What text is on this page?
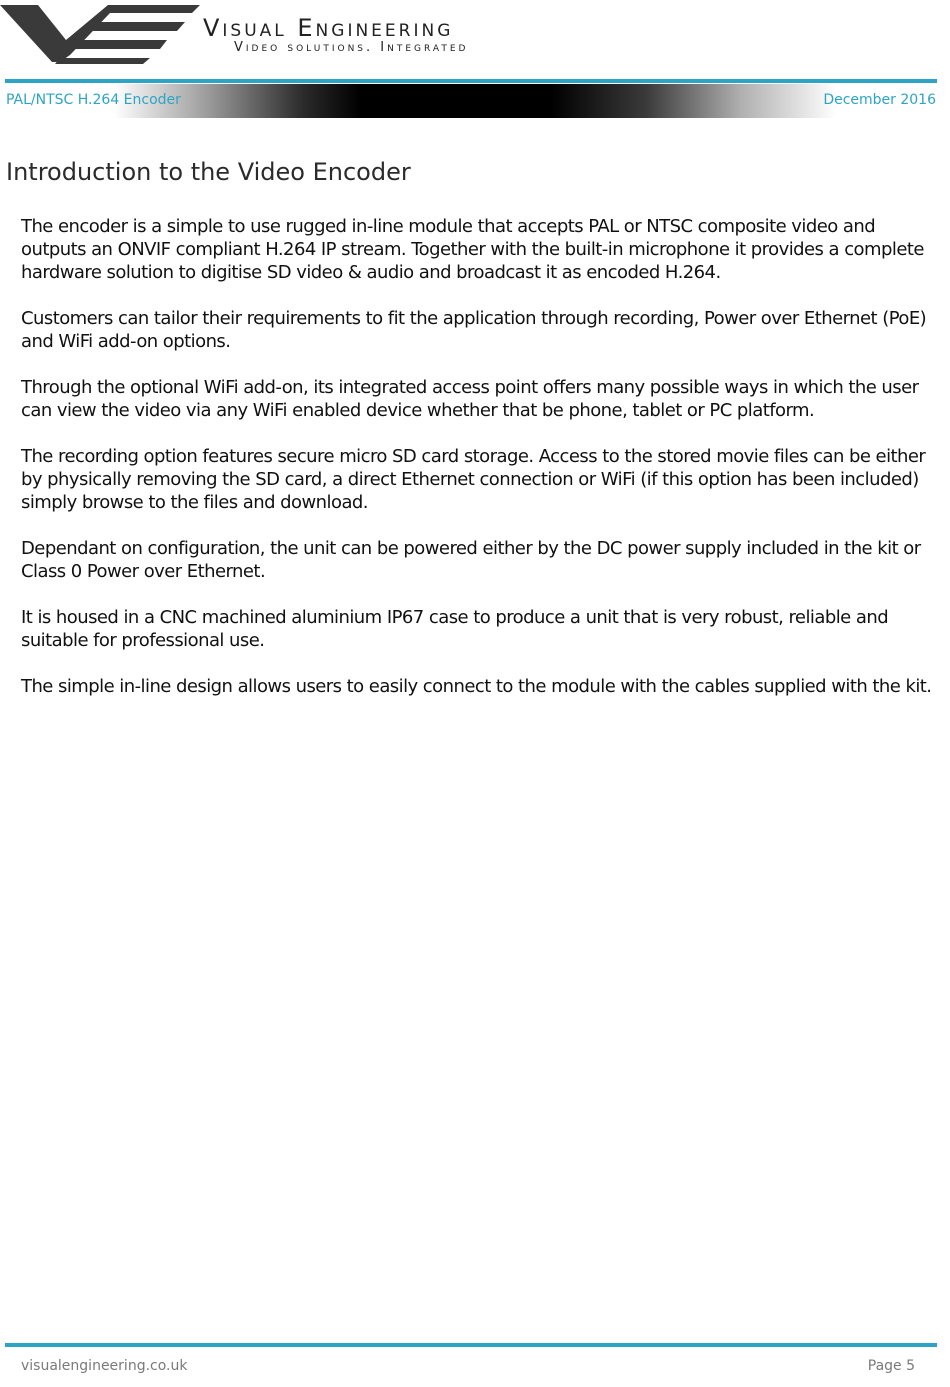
Visual Engineering
Video solutions. Integrated
PAL/NTSC H.264 Encoder	December 2016
Introduction to the Video Encoder

The encoder is a simple to use rugged in-line module that accepts PAL or NTSC composite video and outputs an ONVIF compliant H.264 IP stream. Together with the built-in microphone it provides a complete hardware solution to digitise SD video & audio and broadcast it as encoded H.264.

Customers can tailor their requirements to fit the application through recording, Power over Ethernet (PoE) and WiFi add-on options.

Through the optional WiFi add-on, its integrated access point offers many possible ways in which the user can view the video via any WiFi enabled device whether that be phone, tablet or PC platform.

The recording option features secure micro SD card storage. Access to the stored movie files can be either by physically removing the SD card, a direct Ethernet connection or WiFi (if this option has been included) simply browse to the files and download.

Dependant on configuration, the unit can be powered either by the DC power supply included in the kit or Class 0 Power over Ethernet.

It is housed in a CNC machined aluminium IP67 case to produce a unit that is very robust, reliable and suitable for professional use.

The simple in-line design allows users to easily connect to the module with the cables supplied with the kit.

visualengineering.co.uk	Page 5
